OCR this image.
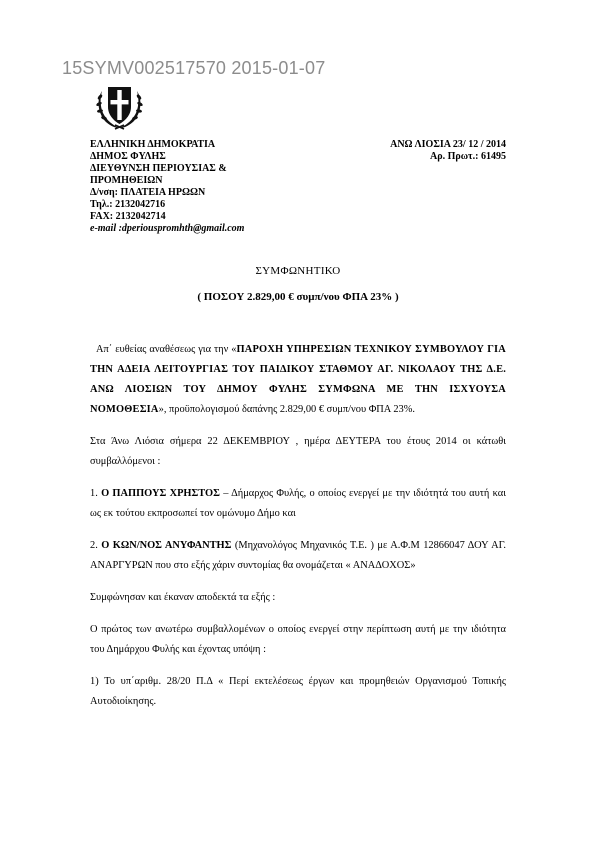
15SYMV002517570 2015-01-07
ΕΛΛΗΝΙΚΗ ΔΗΜΟΚΡΑΤΙΑ
ΔΗΜΟΣ ΦΥΛΗΣ
ΔΙΕΥΘΥΝΣΗ ΠΕΡΙΟΥΣΙΑΣ &
ΠΡΟΜΗΘΕΙΩΝ
Δ/νση: ΠΛΑΤΕΙΑ ΗΡΩΩΝ
Τηλ.: 2132042716
FAX: 2132042714
e-mail :dperiouspromhth@gmail.com
ΑΝΩ ΛΙΟΣΙΑ 23/ 12 / 2014
Αρ. Πρωτ.: 61495
ΣΥΜΦΩΝΗΤΙΚΟ
( ΠΟΣΟΥ 2.829,00 € συμπ/νου ΦΠΑ 23% )

Απ΄ ευθείας αναθέσεως για την «ΠΑΡΟΧΗ ΥΠΗΡΕΣΙΩΝ ΤΕΧΝΙΚΟΥ ΣΥΜΒΟΥΛΟΥ ΓΙΑ ΤΗΝ ΑΔΕΙΑ ΛΕΙΤΟΥΡΓΙΑΣ ΤΟΥ ΠΑΙΔΙΚΟΥ ΣΤΑΘΜΟΥ ΑΓ. ΝΙΚΟΛΑΟΥ ΤΗΣ Δ.Ε. ΑΝΩ ΛΙΟΣΙΩΝ ΤΟΥ ΔΗΜΟΥ ΦΥΛΗΣ ΣΥΜΦΩΝΑ ΜΕ ΤΗΝ ΙΣΧΥΟΥΣΑ ΝΟΜΟΘΕΣΙΑ», προϋπολογισμού δαπάνης 2.829,00 € συμπ/νου ΦΠΑ 23%.

Στα Άνω Λιόσια σήμερα 22 ΔΕΚΕΜΒΡΙΟΥ , ημέρα ΔΕΥΤΕΡΑ του έτους 2014 οι κάτωθι συμβαλλόμενοι :

1. Ο ΠΑΠΠΟΥΣ ΧΡΗΣΤΟΣ – Δήμαρχος Φυλής, ο οποίος ενεργεί με την ιδιότητά του αυτή και ως εκ τούτου εκπροσωπεί τον ομώνυμο Δήμο και

2. Ο ΚΩΝ/ΝΟΣ ΑΝΥΦΑΝΤΗΣ (Μηχανολόγος Μηχανικός Τ.Ε. ) με Α.Φ.Μ 12866047 ΔΟΥ ΑΓ. ΑΝΑΡΓΥΡΩΝ που στο εξής χάριν συντομίας θα ονομάζεται « ΑΝΑΔΟΧΟΣ»

Συμφώνησαν και έκαναν αποδεκτά τα εξής :

Ο πρώτος των ανωτέρω συμβαλλομένων ο οποίος ενεργεί στην περίπτωση αυτή με την ιδιότητα του Δημάρχου Φυλής και έχοντας υπόψη :

1) Το υπ΄αριθμ. 28/20 Π.Δ « Περί εκτελέσεως έργων και προμηθειών Οργανισμού Τοπικής Αυτοδιοίκησης.
